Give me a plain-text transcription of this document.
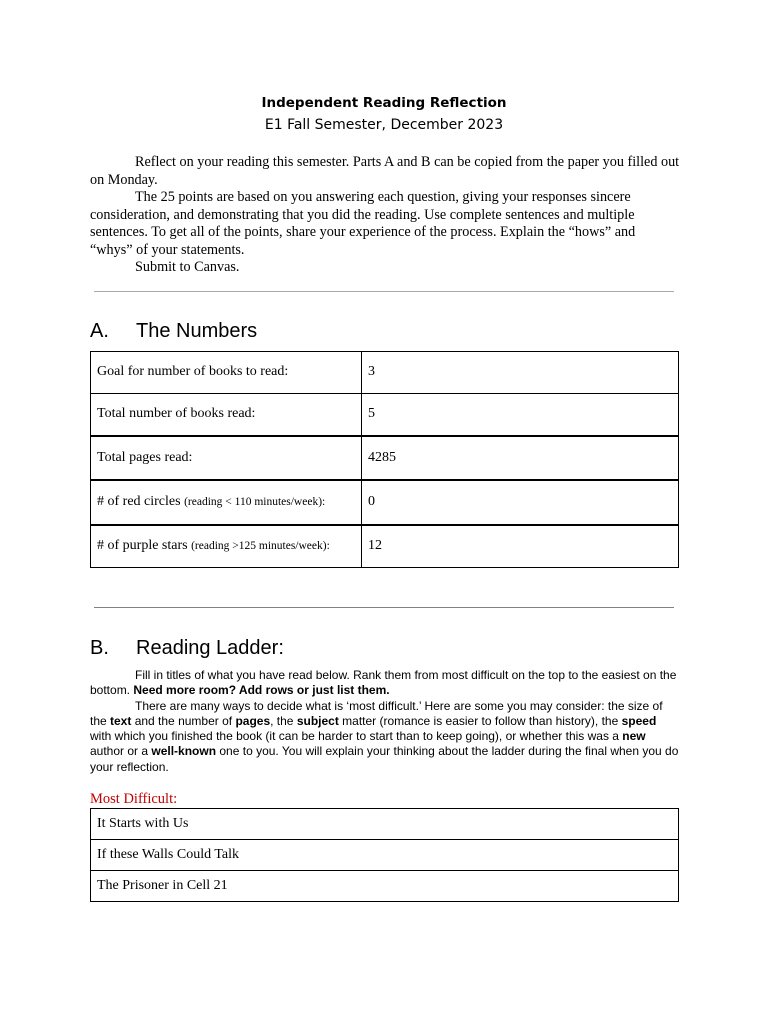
Independent Reading Reflection
E1 Fall Semester, December 2023

Reflect on your reading this semester. Parts A and B can be copied from the paper you filled out on Monday.

The 25 points are based on you answering each question, giving your responses sincere consideration, and demonstrating that you did the reading. Use complete sentences and multiple sentences. To get all of the points, share your experience of the process. Explain the “hows” and “whys” of your statements.

Submit to Canvas.

A. The Numbers
Goal for number of books to read:	3
Total number of books read:	5
Total pages read:	4285
# of red circles (reading < 110 minutes/week):	0
# of purple stars (reading >125 minutes/week):	12
B. Reading Ladder:

Fill in titles of what you have read below. Rank them from most difficult on the top to the easiest on the bottom. Need more room? Add rows or just list them.

There are many ways to decide what is ‘most difficult.’ Here are some you may consider: the size of the text and the number of pages, the subject matter (romance is easier to follow than history), the speed with which you finished the book (it can be harder to start than to keep going), or whether this was a new author or a well-known one to you. You will explain your thinking about the ladder during the final when you do your reflection.

Most Difficult:
It Starts with Us
If these Walls Could Talk
The Prisoner in Cell 21
